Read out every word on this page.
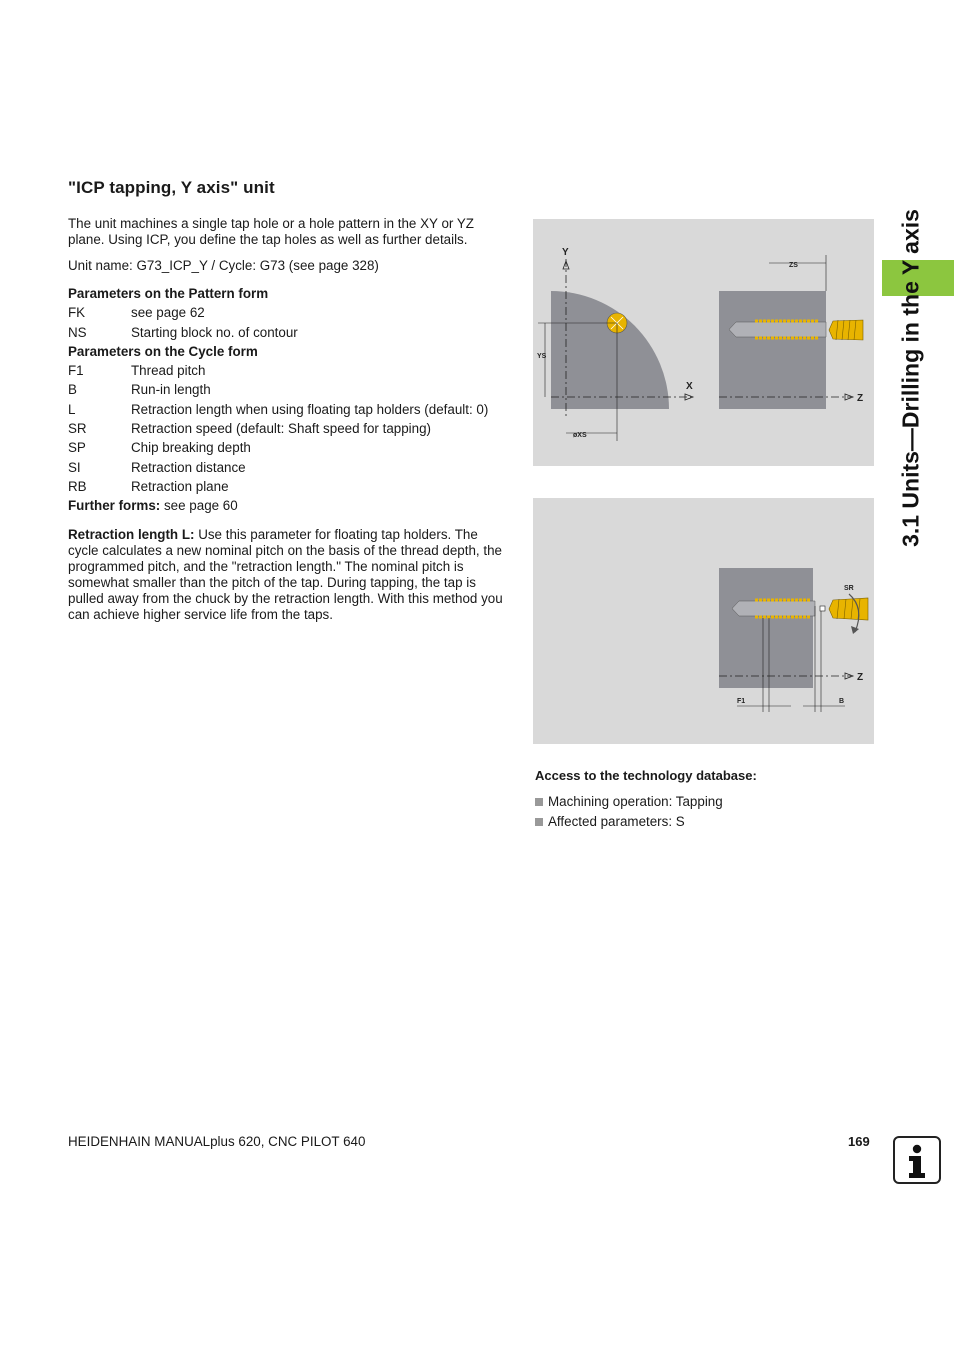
"ICP tapping, Y axis" unit

The unit machines a single tap hole or a hole pattern in the XY or YZ plane. Using ICP, you define the tap holes as well as further details.

Unit name: G73_ICP_Y / Cycle: G73 (see page 328)

Parameters on the Pattern form
FK	see page 62
NS	Starting block no. of contour
Parameters on the Cycle form
F1	Thread pitch
B	Run-in length
L	Retraction length when using floating tap holders (default: 0)
SR	Retraction speed (default: Shaft speed for tapping)
SP	Chip breaking depth
SI	Retraction distance
RB	Retraction plane
Further forms: see page 60

Retraction length L: Use this parameter for floating tap holders. The cycle calculates a new nominal pitch on the basis of the thread depth, the programmed pitch, and the "retraction length." The nominal pitch is somewhat smaller than the pitch of the tap. During tapping, the tap is pulled away from the chuck by the retraction length. With this method you can achieve higher service life from the taps.

3.1 Units—Drilling in the Y axis
Y
X
YS
øXS
Z
ZS
SR
Z
F1	B
Access to the technology database:
Machining operation: Tapping
Affected parameters: S
HEIDENHAIN MANUALplus 620, CNC PILOT 640	169
